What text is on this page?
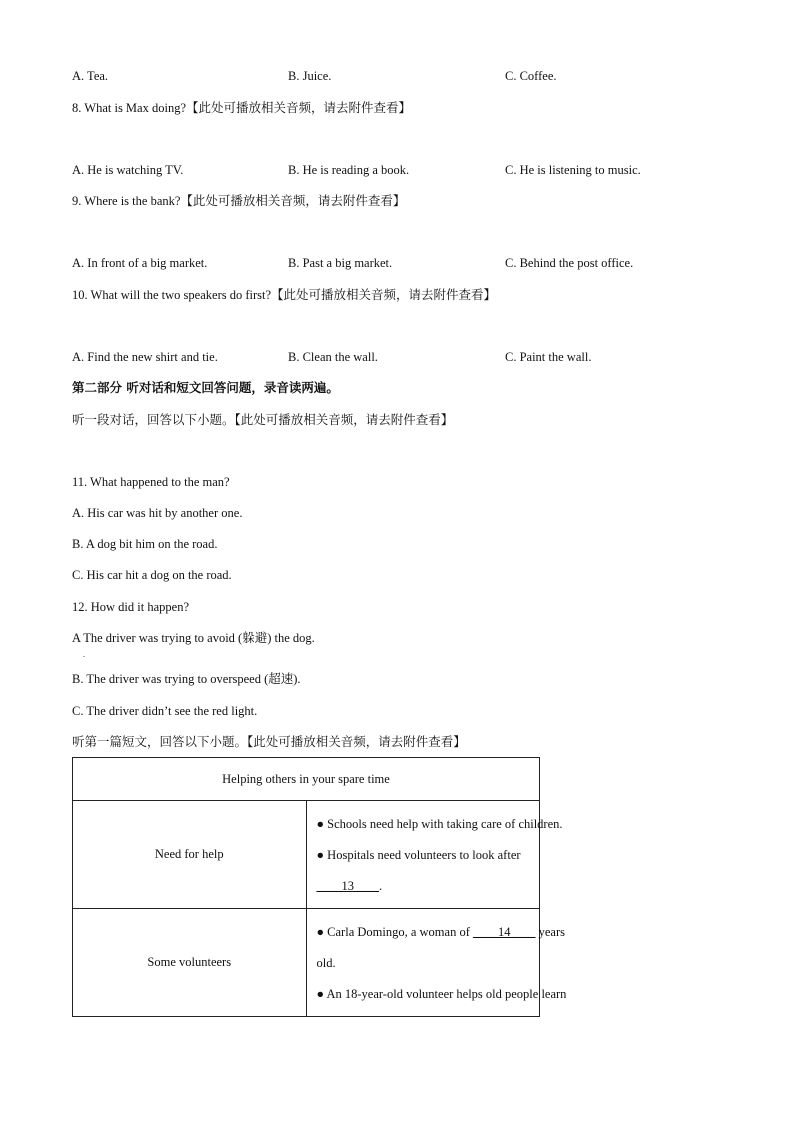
A. Tea.	B. Juice.	C. Coffee.
8. What is Max doing?【此处可播放相关音频，请去附件查看】
A. He is watching TV.	B. He is reading a book.	C. He is listening to music.
9. Where is the bank?【此处可播放相关音频，请去附件查看】
A. In front of a big market.	B. Past a big market.	C. Behind the post office.
10. What will the two speakers do first?【此处可播放相关音频，请去附件查看】
A. Find the new shirt and tie.	B. Clean the wall.	C. Paint the wall.
第二部分 听对话和短文回答问题，录音读两遍。
听一段对话，回答以下小题。【此处可播放相关音频，请去附件查看】
11. What happened to the man?
A. His car was hit by another one.
B. A dog bit him on the road.
C. His car hit a dog on the road.
12. How did it happen?
A The driver was trying to avoid (躲避) the dog.
.
B. The driver was trying to overspeed (超速).
C. The driver didn’t see the red light.
听第一篇短文，回答以下小题。【此处可播放相关音频，请去附件查看】
Helping others in your spare time	
Need for help	● Schools need help with taking care of children.
● Hospitals need volunteers to look after
____13____.

Some volunteers	● Carla Domingo, a woman of ____14____ years
old.
● An 18-year-old volunteer helps old people learn
